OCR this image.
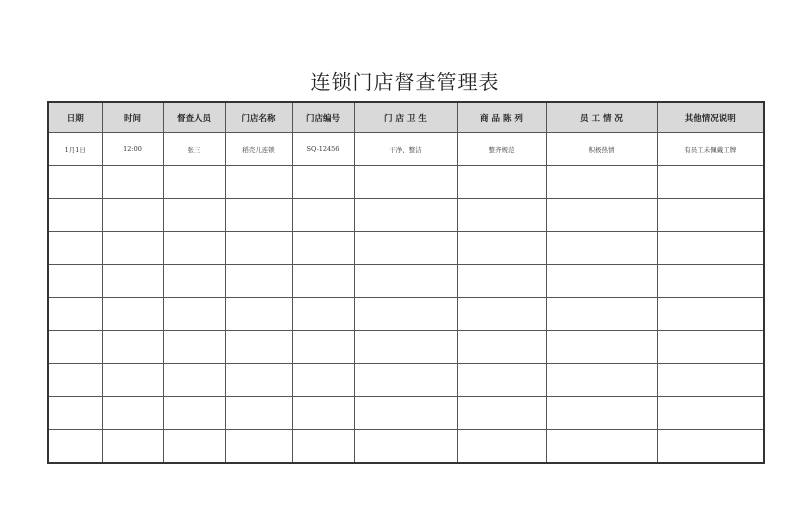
连锁门店督查管理表
日期	时间	督查人员	门店名称	门店编号	门 店 卫 生	商 品 陈 列	员 工 情 况	其他情况说明
1月1日	12:00	张三	稻壳儿连锁	SQ-12456	干净、整洁	整齐规范	积极热情	有员工未佩戴工牌
